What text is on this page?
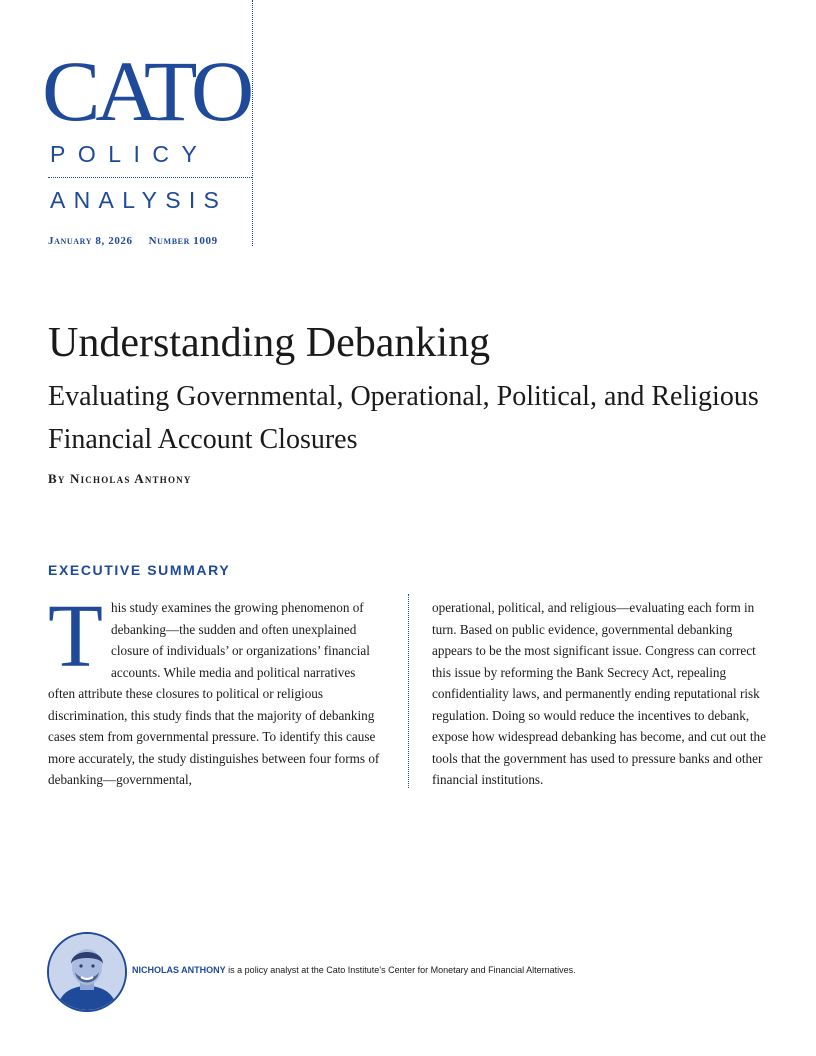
CATO
POLICY
ANALYSIS
January 8, 2026 Number 1009
Understanding Debanking
Evaluating Governmental, Operational, Political, and Religious Financial Account Closures
By Nicholas Anthony
EXECUTIVE SUMMARY
This study examines the growing phenomenon of debanking—the sudden and often unexplained closure of individuals’ or organizations’ financial accounts. While media and political narratives often attribute these closures to political or religious discrimination, this study finds that the majority of debanking cases stem from governmental pressure. To identify this cause more accurately, the study distinguishes between four forms of debanking—governmental,
operational, political, and religious—evaluating each form in turn. Based on public evidence, governmental debanking appears to be the most significant issue. Congress can correct this issue by reforming the Bank Secrecy Act, repealing confidentiality laws, and permanently ending reputational risk regulation. Doing so would reduce the incentives to debank, expose how widespread debanking has become, and cut out the tools that the government has used to pressure banks and other financial institutions.
NICHOLAS ANTHONY is a policy analyst at the Cato Institute’s Center for Monetary and Financial Alternatives.
